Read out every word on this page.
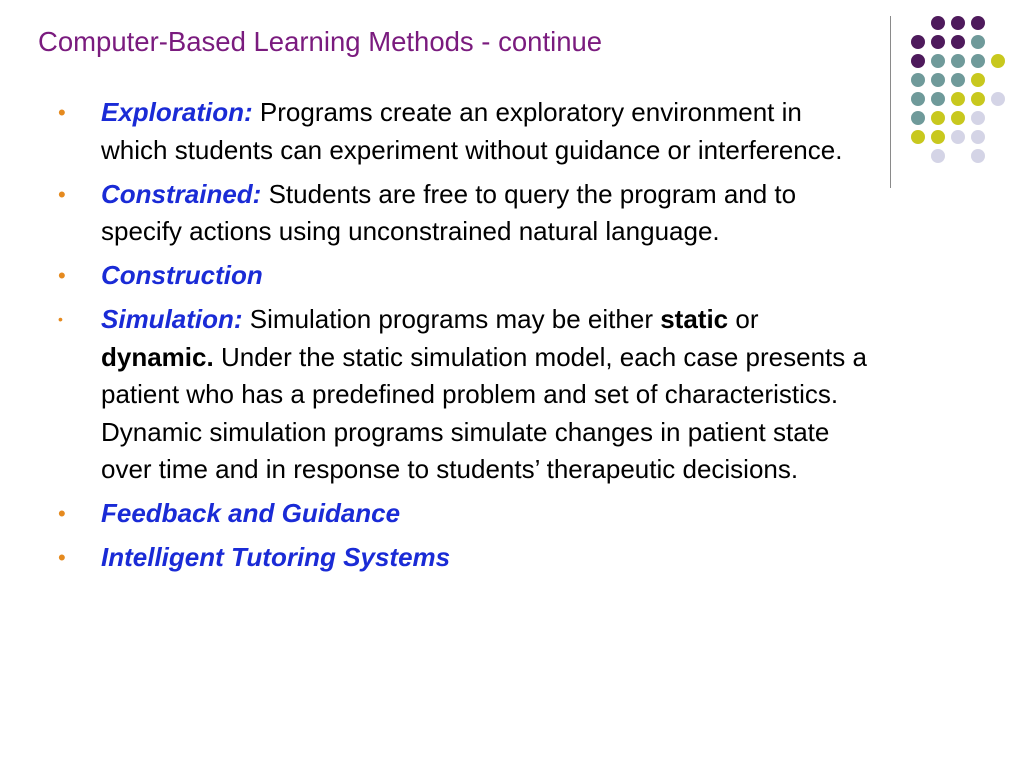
Computer-Based Learning Methods - continue
• Exploration: Programs create an exploratory environment in which students can experiment without guidance or interference.
• Constrained: Students are free to query the program and to specify actions using unconstrained natural language.
• Construction
• Simulation: Simulation programs may be either static or dynamic. Under the static simulation model, each case presents a patient who has a predefined problem and set of characteristics. Dynamic simulation programs simulate changes in patient state over time and in response to students’ therapeutic decisions.
• Feedback and Guidance
• Intelligent Tutoring Systems
